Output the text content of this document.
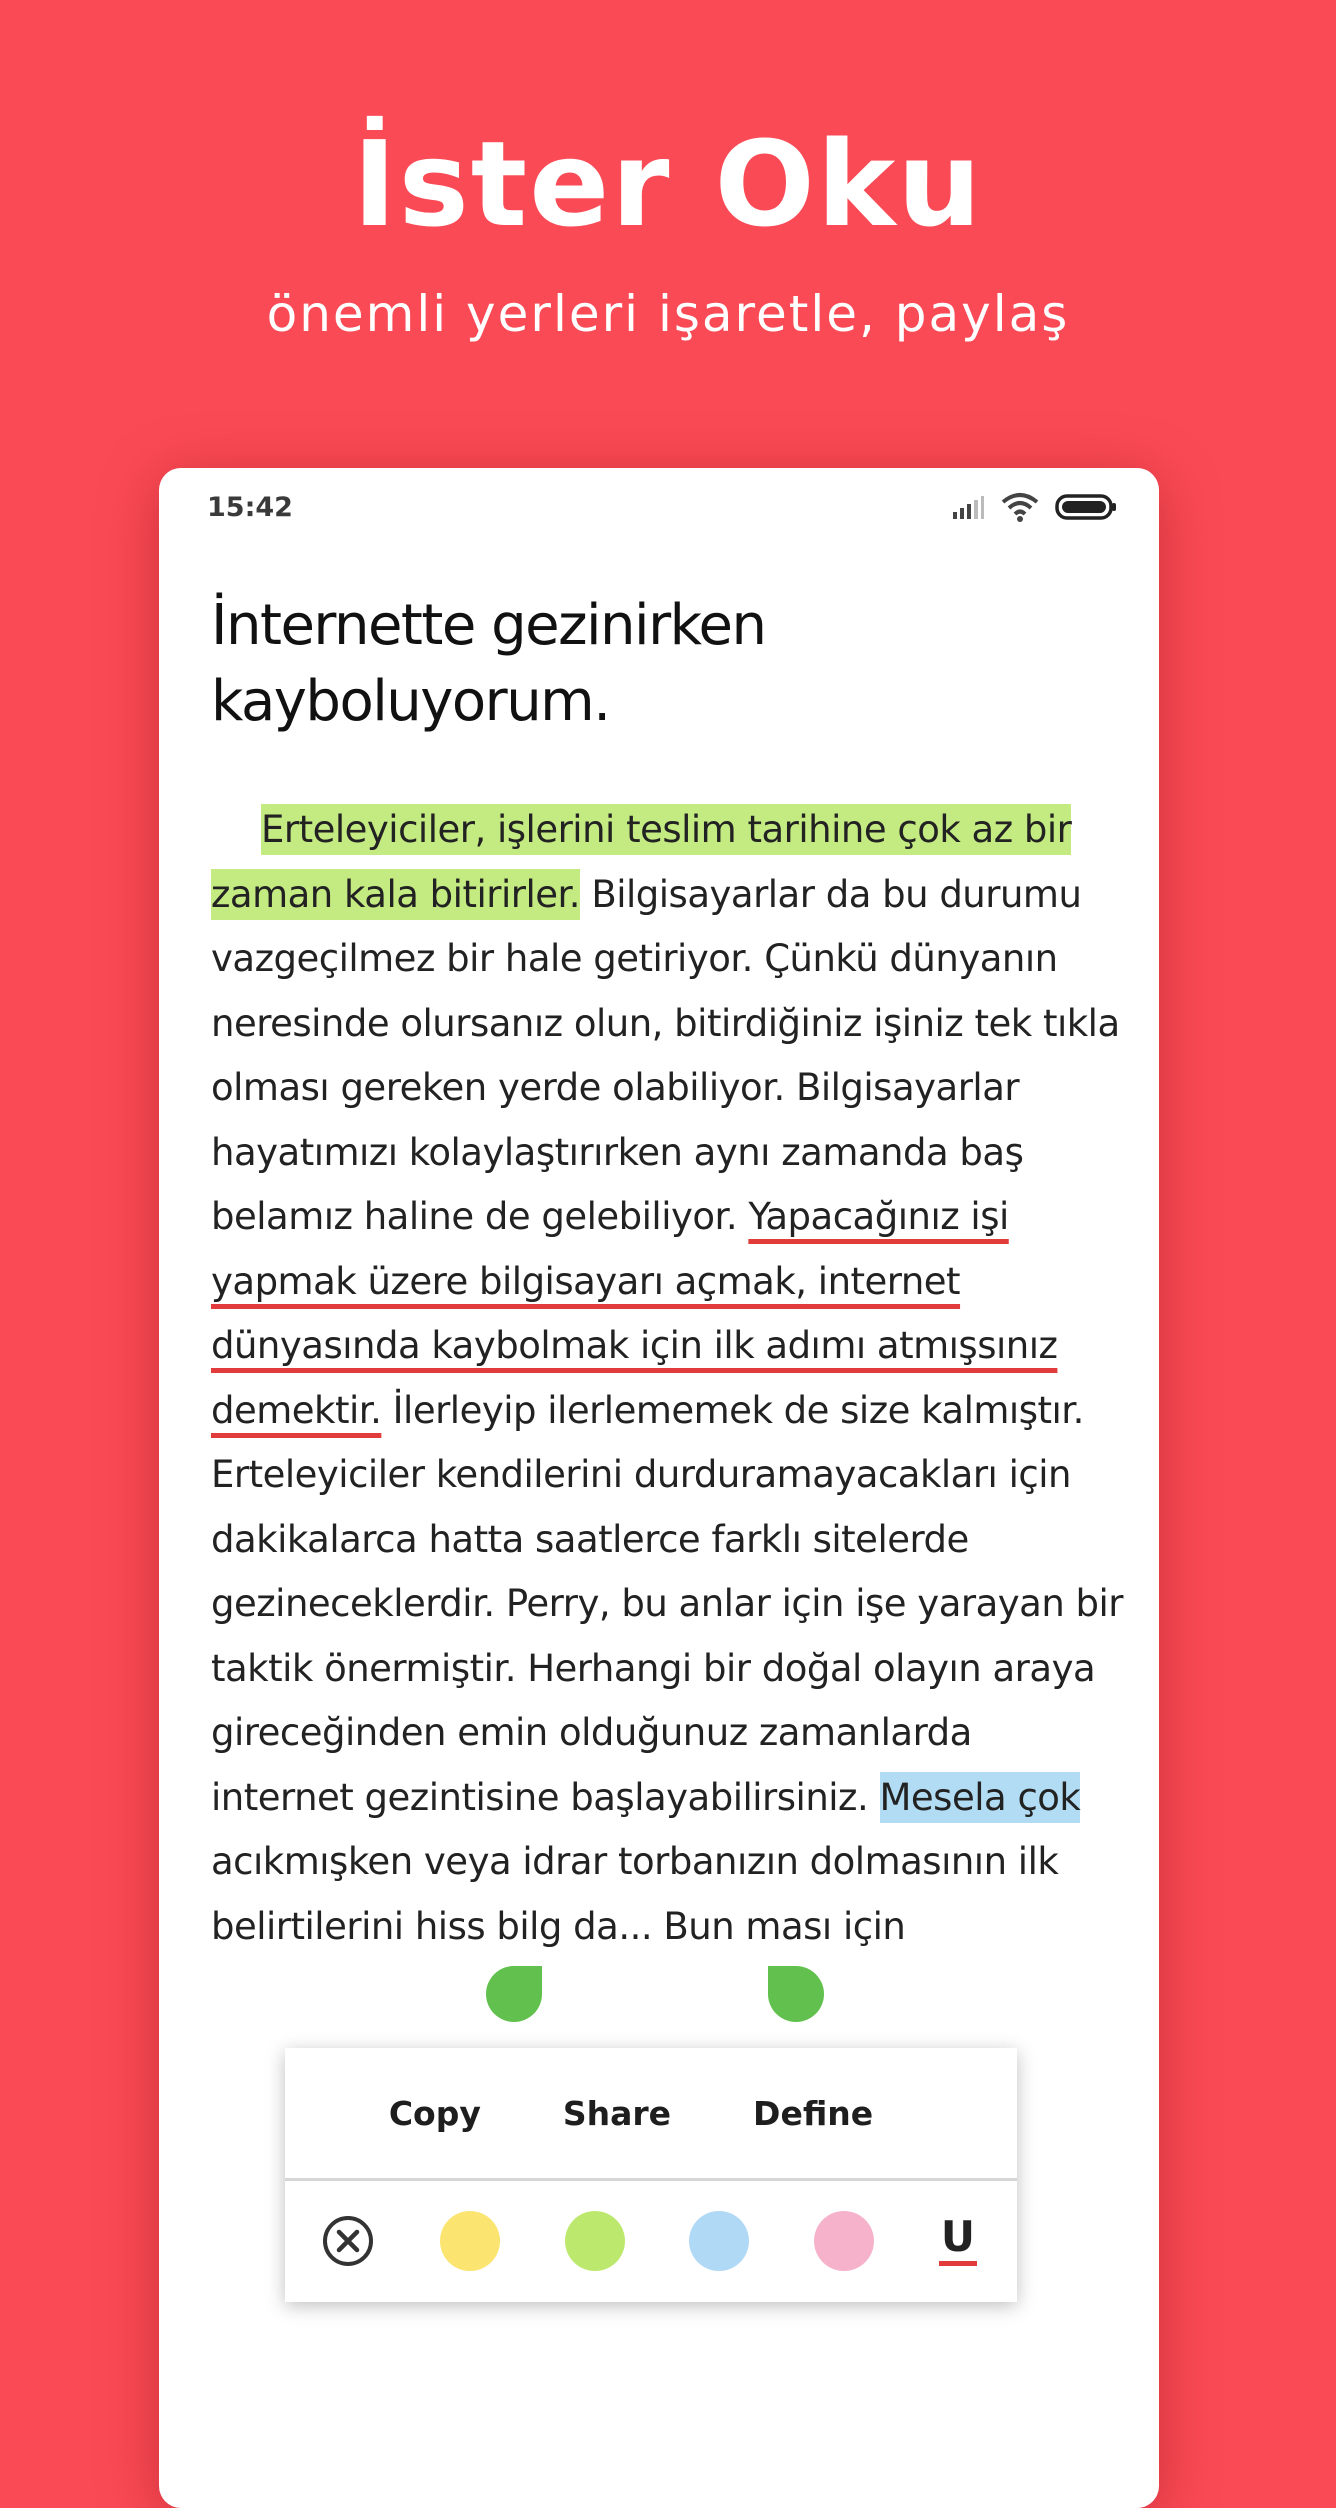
İster Oku
önemli yerleri işaretle, paylaş
15:42
İnternette gezinirken kayboluyorum.
Erteleyiciler, işlerini teslim tarihine çok az bir zaman kala bitirirler. Bilgisayarlar da bu durumu vazgeçilmez bir hale getiriyor. Çünkü dünyanın neresinde olursanız olun, bitirdiğiniz işiniz tek tıkla olması gereken yerde olabiliyor. Bilgisayarlar hayatımızı kolaylaştırırken aynı zamanda baş belamız haline de gelebiliyor. Yapacağınız işi yapmak üzere bilgisayarı açmak, internet dünyasında kaybolmak için ilk adımı atmışsınız demektir. İlerleyip ilerlememek de size kalmıştır. Erteleyiciler kendilerini durduramayacakları için dakikalarca hatta saatlerce farklı sitelerde gezineceklerdir. Perry, bu anlar için işe yarayan bir taktik önermiştir. Herhangi bir doğal olayın araya gireceğinden emin olduğunuz zamanlarda internet gezintisine başlayabilirsiniz. Mesela çok acıkmışken veya idrar torbanızın dolmasının ilk belirtilerini hiss bilg da... Bun ması için
Copy Share Define
U
